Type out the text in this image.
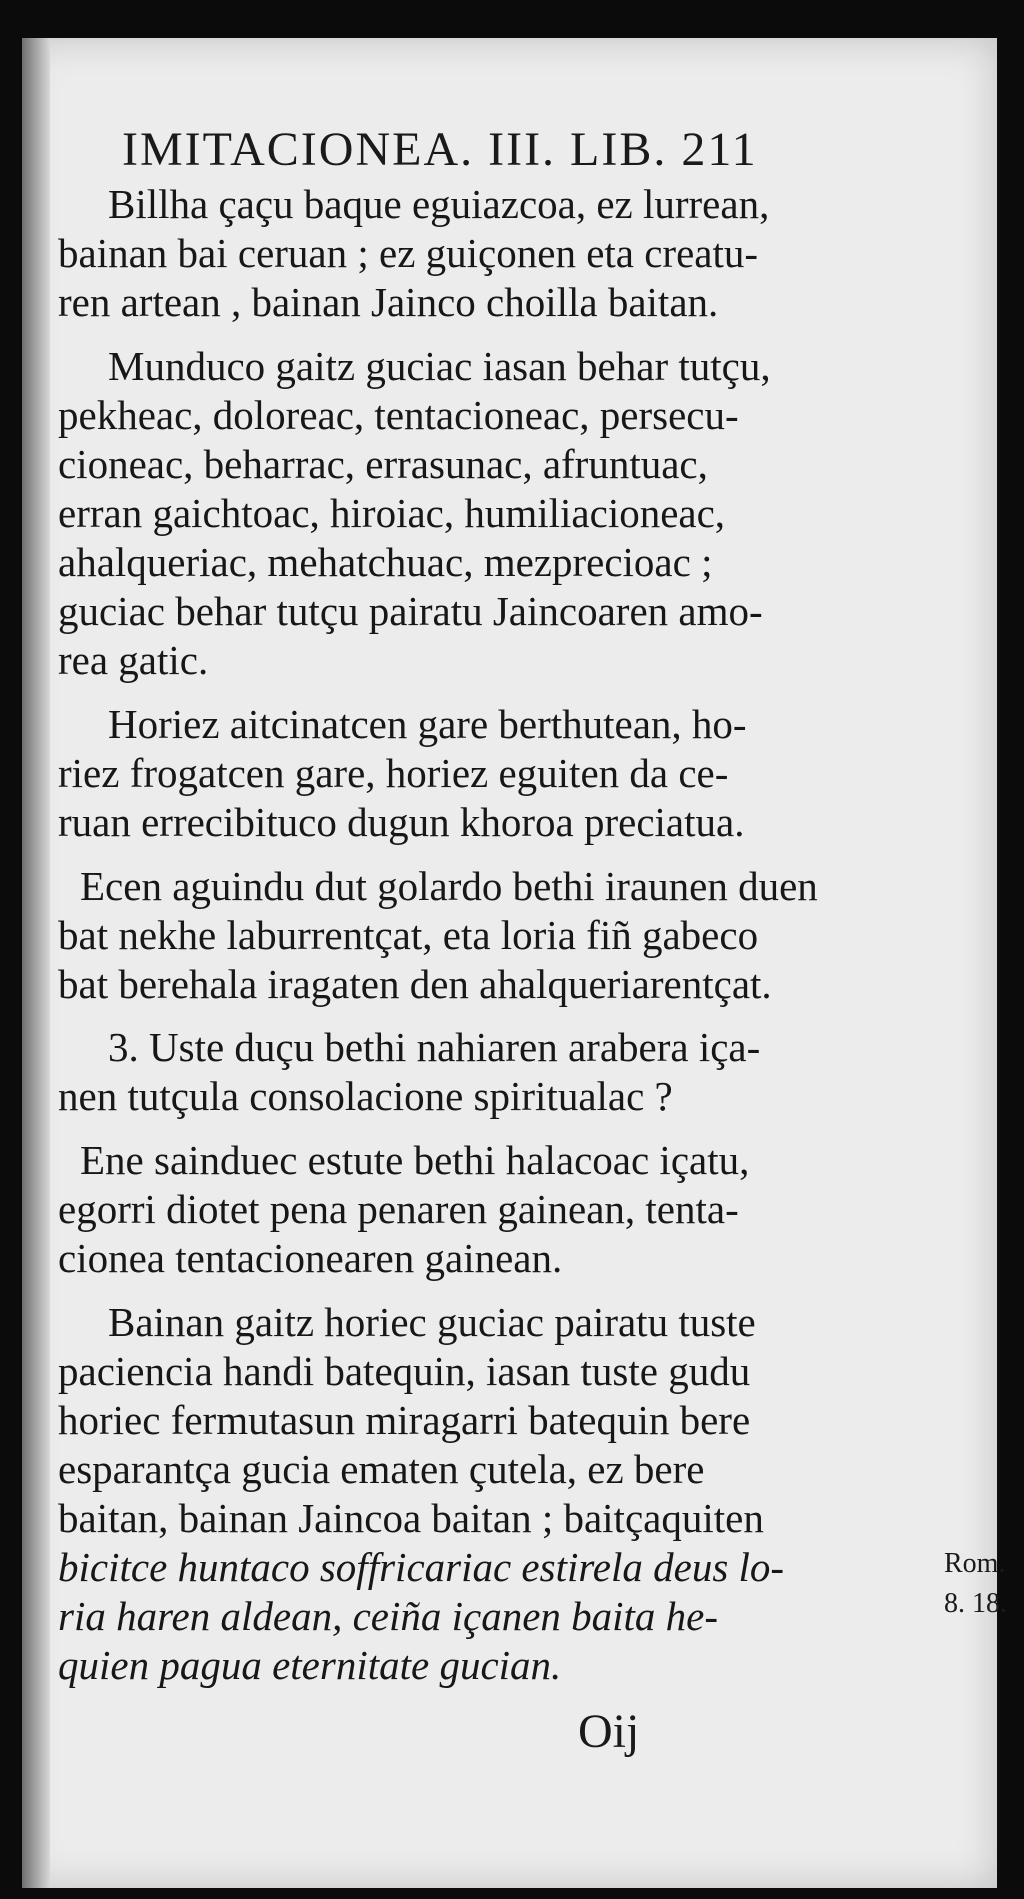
IMITACIONEA. III. LIB. 211
Billha çaçu baque eguiazcoa, ez lurrean,
bainan bai ceruan ; ez guiçonen eta creatu-
ren artean , bainan Jainco choilla baitan.
Munduco gaitz guciac iasan behar tutçu,
pekheac, doloreac, tentacioneac, persecu-
cioneac, beharrac, errasunac, afruntuac,
erran gaichtoac, hiroiac, humiliacioneac,
ahalqueriac, mehatchuac, mezprecioac ;
guciac behar tutçu pairatu Jaincoaren amo-
rea gatic.
Horiez aitcinatcen gare berthutean, ho-
riez frogatcen gare, horiez eguiten da ce-
ruan errecibituco dugun khoroa preciatua.
Ecen aguindu dut golardo bethi iraunen duen
bat nekhe laburrentçat, eta loria fiñ gabeco
bat berehala iragaten den ahalqueriarentçat.
3. Uste duçu bethi nahiaren arabera iça-
nen tutçula consolacione spiritualac ?
Ene sainduec estute bethi halacoac içatu,
egorri diotet pena penaren gainean, tenta-
cionea tentacionearen gainean.
Bainan gaitz horiec guciac pairatu tuste
paciencia handi batequin, iasan tuste gudu
horiec fermutasun miragarri batequin bere
esparantça gucia ematen çutela, ez bere
baitan, bainan Jaincoa baitan ; baitçaquiten
bicitce huntaco soffricariac estirela deus lo-
ria haren aldean, ceiña içanen baita he-
quien pagua eternitate gucian.
Rom.
8. 18.
Oij
